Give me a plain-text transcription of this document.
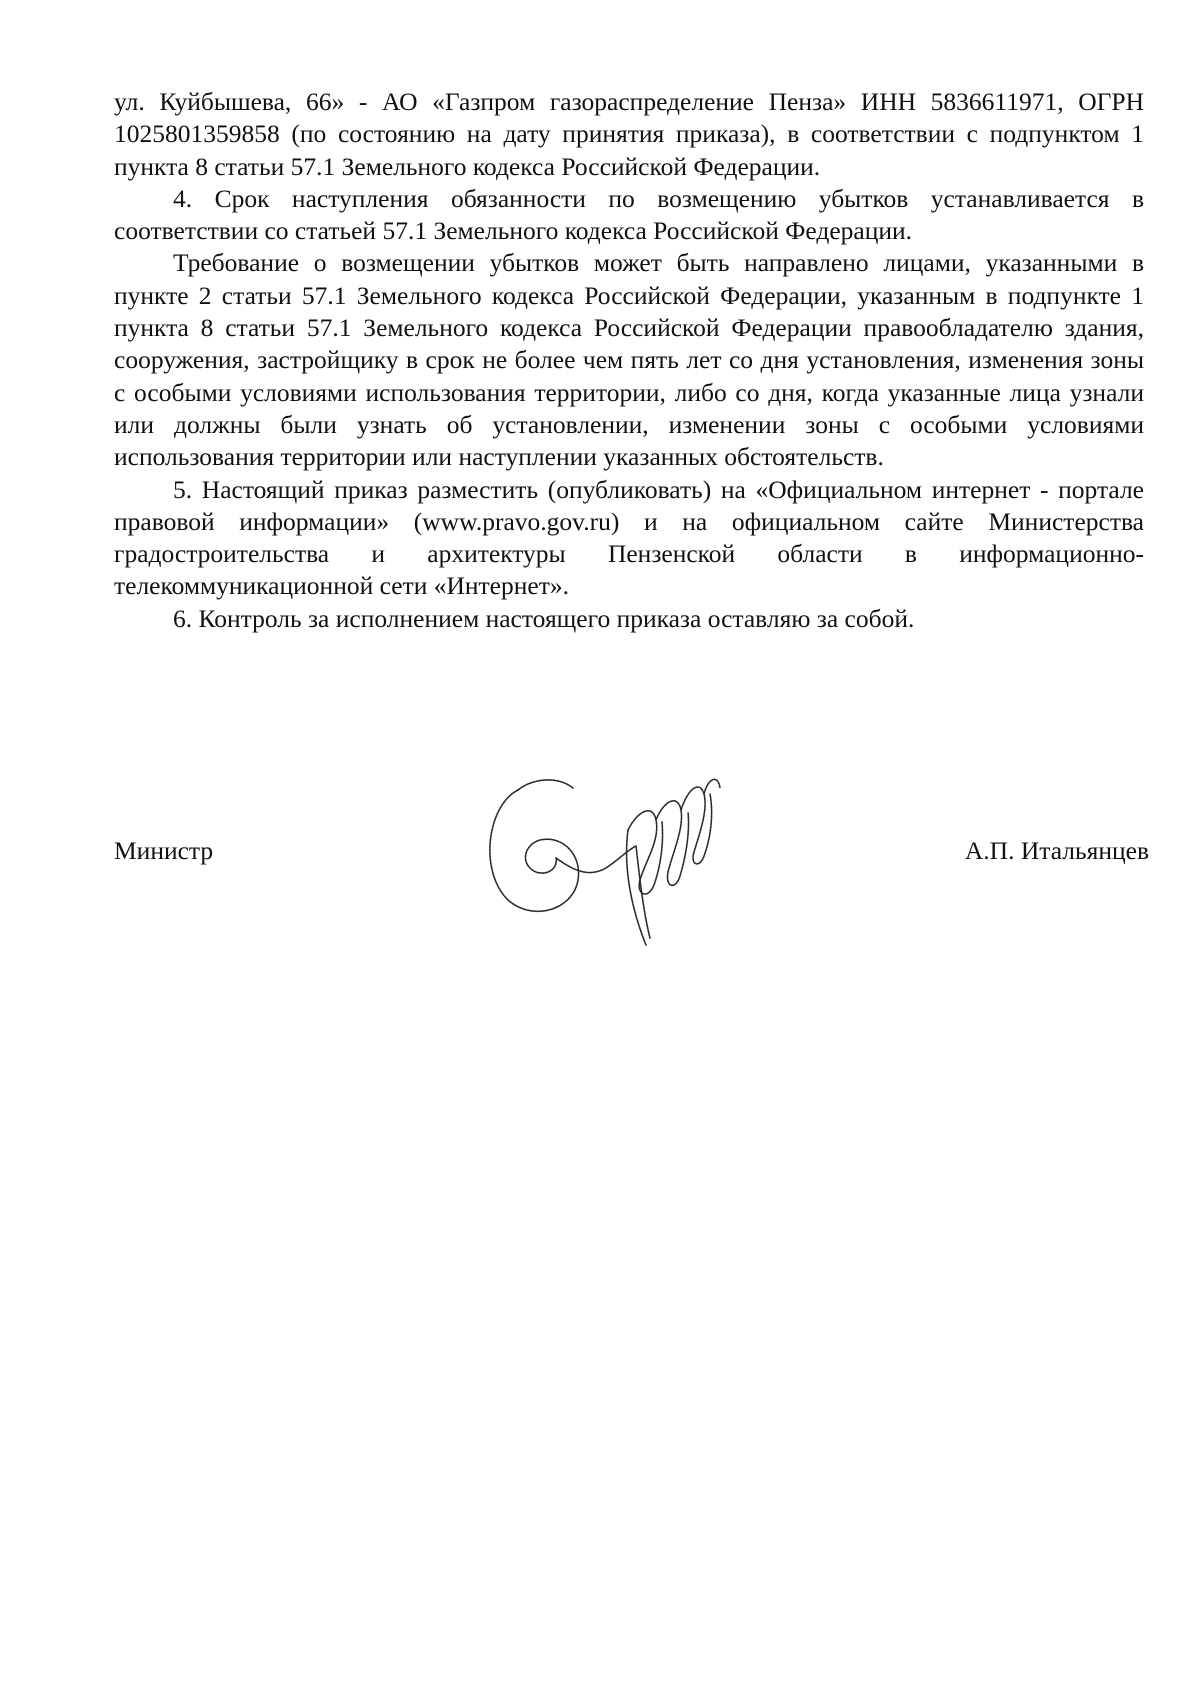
ул. Куйбышева, 66» - АО «Газпром газораспределение Пенза» ИНН 5836611971, ОГРН 1025801359858 (по состоянию на дату принятия приказа), в соответствии с подпунктом 1 пункта 8 статьи 57.1 Земельного кодекса Российской Федерации.

4. Срок наступления обязанности по возмещению убытков устанавливается в соответствии со статьей 57.1 Земельного кодекса Российской Федерации.

Требование о возмещении убытков может быть направлено лицами, указанными в пункте 2 статьи 57.1 Земельного кодекса Российской Федерации, указанным в подпункте 1 пункта 8 статьи 57.1 Земельного кодекса Российской Федерации правообладателю здания, сооружения, застройщику в срок не более чем пять лет со дня установления, изменения зоны с особыми условиями использования территории, либо со дня, когда указанные лица узнали или должны были узнать об установлении, изменении зоны с особыми условиями использования территории или наступлении указанных обстоятельств.

5. Настоящий приказ разместить (опубликовать) на «Официальном интернет - портале правовой информации» (www.pravo.gov.ru) и на официальном сайте Министерства градостроительства и архитектуры Пензенской области в информационно-телекоммуникационной сети «Интернет».

6. Контроль за исполнением настоящего приказа оставляю за собой.

Министр	А.П. Итальянцев
